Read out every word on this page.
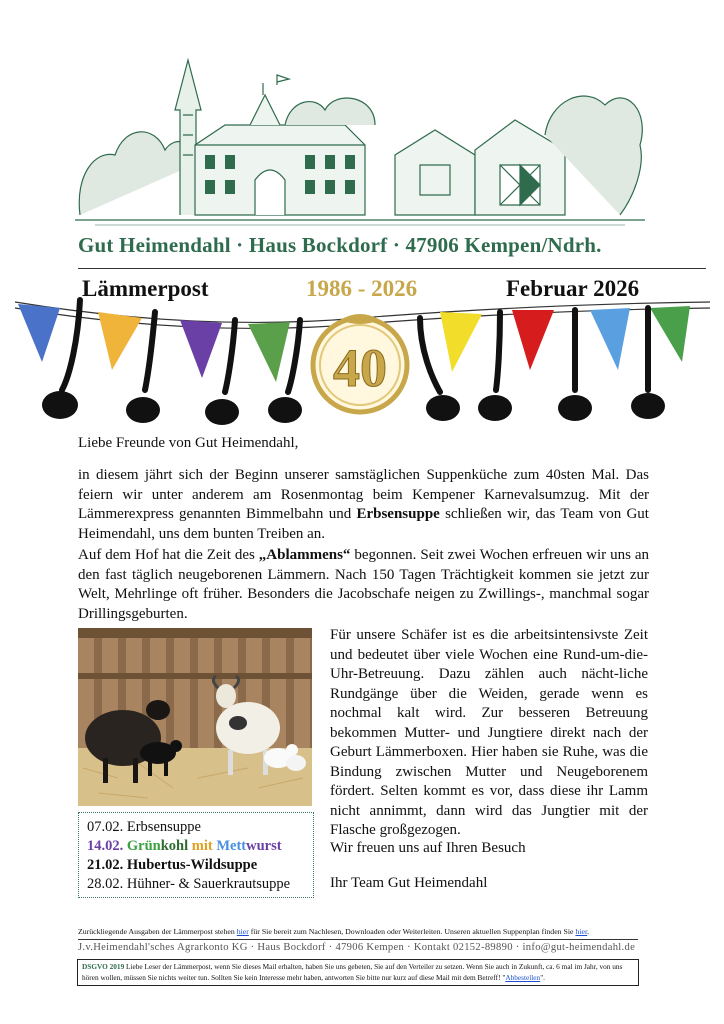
Gut Heimendahl · Haus Bockdorf · 47906 Kempen/Ndrh.
Lämmerpost	1986 - 2026	Februar 2026
40
Liebe Freunde von Gut Heimendahl,
in diesem jährt sich der Beginn unserer samstäglichen Suppenküche zum 40sten Mal. Das feiern wir unter anderem am Rosenmontag beim Kempener Karnevalsumzug. Mit der Lämmerexpress genannten Bimmelbahn und Erbsensuppe schließen wir, das Team von Gut Heimendahl, uns dem bunten Treiben an.
Auf dem Hof hat die Zeit des „Ablammens“ begonnen. Seit zwei Wochen erfreuen wir uns an den fast täglich neugeborenen Lämmern. Nach 150 Tagen Trächtigkeit kommen sie jetzt zur Welt, Mehrlinge oft früher. Besonders die Jacobschafe neigen zu Zwillings-, manchmal sogar Drillingsgeburten.
Für unsere Schäfer ist es die arbeitsintensivste Zeit und bedeutet über viele Wochen eine Rund-um-die-Uhr-Betreuung. Dazu zählen auch nächt-liche Rundgänge über die Weiden, gerade wenn es nochmal kalt wird. Zur besseren Betreuung bekommen Mutter- und Jungtiere direkt nach der Geburt Lämmerboxen. Hier haben sie Ruhe, was die Bindung zwischen Mutter und Neugeborenem fördert. Selten kommt es vor, dass diese ihr Lamm nicht annimmt, dann wird das Jungtier mit der Flasche großgezogen.
Wir freuen uns auf Ihren Besuch
Ihr Team Gut Heimendahl
07.02. Erbsensuppe
14.02. Grünkohl mit Mettwurst
21.02. Hubertus-Wildsuppe
28.02. Hühner- & Sauerkrautsuppe
Zurückliegende Ausgaben der Lämmerpost stehen hier für Sie bereit zum Nachlesen, Downloaden oder Weiterleiten. Unseren aktuellen Suppenplan finden Sie hier.
J.v.Heimendahl'sches Agrarkonto KG · Haus Bockdorf · 47906 Kempen · Kontakt 02152-89890 · info@gut-heimendahl.de
DSGVO 2019 Liebe Leser der Lämmerpost, wenn Sie dieses Mail erhalten, haben Sie uns gebeten, Sie auf den Verteiler zu setzen. Wenn Sie auch in Zukunft, ca. 6 mal im Jahr, von uns hören wollen, müssen Sie nichts weiter tun. Sollten Sie kein Interesse mehr haben, antworten Sie bitte nur kurz auf diese Mail mit dem Betreff! "Abbestellen".
